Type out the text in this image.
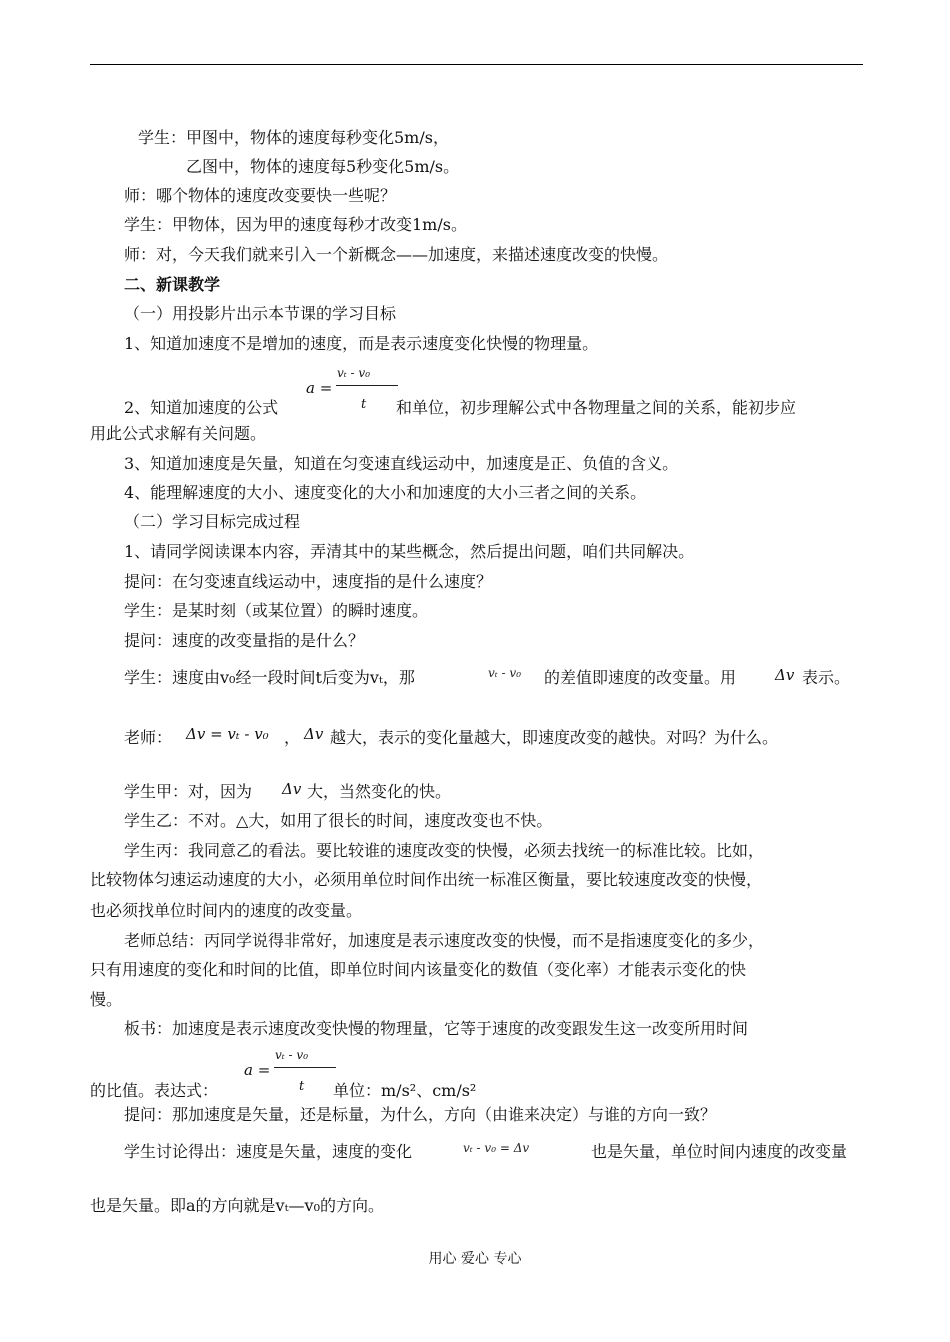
学生：甲图中，物体的速度每秒变化5m/s，
乙图中，物体的速度每5秒变化5m/s。
师：哪个物体的速度改变要快一些呢？
学生：甲物体，因为甲的速度每秒才改变1m/s。
师：对，今天我们就来引入一个新概念——加速度，来描述速度改变的快慢。
二、新课教学
（一）用投影片出示本节课的学习目标
1、知道加速度不是增加的速度，而是表示速度变化快慢的物理量。
a =
vₜ - v₀
t
2、知道加速度的公式	和单位，初步理解公式中各物理量之间的关系，能初步应
用此公式求解有关问题。
3、知道加速度是矢量，知道在匀变速直线运动中，加速度是正、负值的含义。
4、能理解速度的大小、速度变化的大小和加速度的大小三者之间的关系。
（二）学习目标完成过程
1、请同学阅读课本内容，弄清其中的某些概念，然后提出问题，咱们共同解决。
提问：在匀变速直线运动中，速度指的是什么速度？
学生：是某时刻（或某位置）的瞬时速度。
提问：速度的改变量指的是什么？
学生：速度由v₀经一段时间t后变为vₜ，那	vₜ - v₀ 的差值即速度的改变量。用	Δv 表示。
老师： Δv = vₜ - v₀ ， Δv 越大，表示的变化量越大，即速度改变的越快。对吗？为什么。
学生甲：对，因为 Δv 大，当然变化的快。
学生乙：不对。△大，如用了很长的时间，速度改变也不快。
学生丙：我同意乙的看法。要比较谁的速度改变的快慢，必须去找统一的标准比较。比如，
比较物体匀速运动速度的大小，必须用单位时间作出统一标准区衡量，要比较速度改变的快慢，
也必须找单位时间内的速度的改变量。
老师总结：丙同学说得非常好，加速度是表示速度改变的快慢，而不是指速度变化的多少，
只有用速度的变化和时间的比值，即单位时间内该量变化的数值（变化率）才能表示变化的快
慢。
板书：加速度是表示速度改变快慢的物理量，它等于速度的改变跟发生这一改变所用时间
a =
vₜ - v₀
t
的比值。表达式：	单位：m/s²、cm/s²
提问：那加速度是矢量，还是标量，为什么，方向（由谁来决定）与谁的方向一致？
学生讨论得出：速度是矢量，速度的变化	vₜ - v₀ = Δv	也是矢量，单位时间内速度的改变量
也是矢量。即a的方向就是vₜ—v₀的方向。
用心 爱心 专心
